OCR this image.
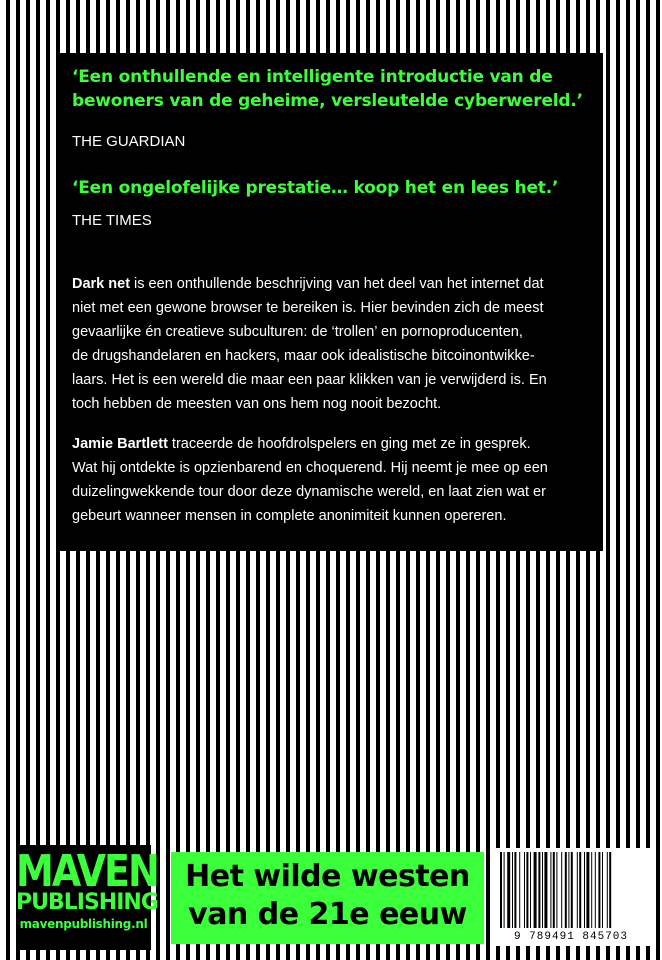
‘Een onthullende en intelligente introductie van de
bewoners van de geheime, versleutelde cyberwereld.’
THE GUARDIAN
‘Een ongelofelijke prestatie… koop het en lees het.’
THE TIMES
Dark net is een onthullende beschrijving van het deel van het internet dat
niet met een gewone browser te bereiken is. Hier bevinden zich de meest
gevaarlijke én creatieve subculturen: de ‘trollen’ en pornoproducenten,
de drugshandelaren en hackers, maar ook idealistische bitcoinontwikke-
laars. Het is een wereld die maar een paar klikken van je verwijderd is. En
toch hebben de meesten van ons hem nog nooit bezocht.
Jamie Bartlett traceerde de hoofdrolspelers en ging met ze in gesprek.
Wat hij ontdekte is opzienbarend en choquerend. Hij neemt je mee op een
duizelingwekkende tour door deze dynamische wereld, en laat zien wat er
gebeurt wanneer mensen in complete anonimiteit kunnen opereren.
MAVEN
PUBLISHING
mavenpublishing.nl
Het wilde westen
van de 21e eeuw
9 789491 845703
